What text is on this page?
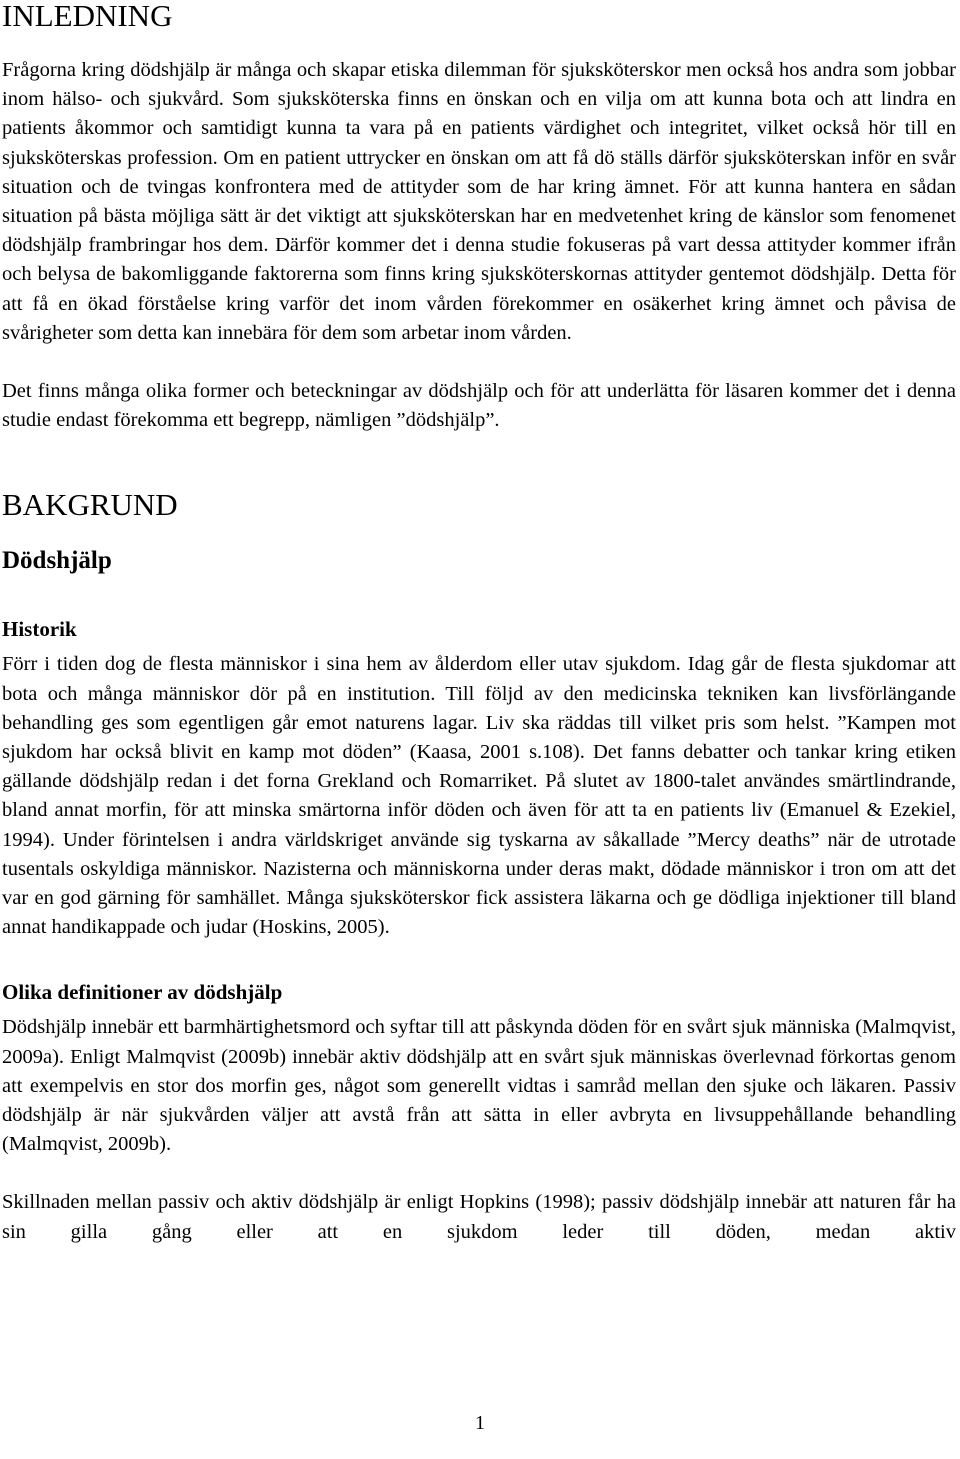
INLEDNING

Frågorna kring dödshjälp är många och skapar etiska dilemman för sjuksköterskor men också hos andra som jobbar inom hälso- och sjukvård. Som sjuksköterska finns en önskan och en vilja om att kunna bota och att lindra en patients åkommor och samtidigt kunna ta vara på en patients värdighet och integritet, vilket också hör till en sjuksköterskas profession. Om en patient uttrycker en önskan om att få dö ställs därför sjuksköterskan inför en svår situation och de tvingas konfrontera med de attityder som de har kring ämnet. För att kunna hantera en sådan situation på bästa möjliga sätt är det viktigt att sjuksköterskan har en medvetenhet kring de känslor som fenomenet dödshjälp frambringar hos dem. Därför kommer det i denna studie fokuseras på vart dessa attityder kommer ifrån och belysa de bakomliggande faktorerna som finns kring sjuksköterskornas attityder gentemot dödshjälp. Detta för att få en ökad förståelse kring varför det inom vården förekommer en osäkerhet kring ämnet och påvisa de svårigheter som detta kan innebära för dem som arbetar inom vården.

Det finns många olika former och beteckningar av dödshjälp och för att underlätta för läsaren kommer det i denna studie endast förekomma ett begrepp, nämligen ”dödshjälp”.

BAKGRUND
Dödshjälp
Historik

Förr i tiden dog de flesta människor i sina hem av ålderdom eller utav sjukdom. Idag går de flesta sjukdomar att bota och många människor dör på en institution. Till följd av den medicinska tekniken kan livsförlängande behandling ges som egentligen går emot naturens lagar. Liv ska räddas till vilket pris som helst. ”Kampen mot sjukdom har också blivit en kamp mot döden” (Kaasa, 2001 s.108). Det fanns debatter och tankar kring etiken gällande dödshjälp redan i det forna Grekland och Romarriket. På slutet av 1800-talet användes smärtlindrande, bland annat morfin, för att minska smärtorna inför döden och även för att ta en patients liv (Emanuel & Ezekiel, 1994). Under förintelsen i andra världskriget använde sig tyskarna av såkallade ”Mercy deaths” när de utrotade tusentals oskyldiga människor. Nazisterna och människorna under deras makt, dödade människor i tron om att det var en god gärning för samhället. Många sjuksköterskor fick assistera läkarna och ge dödliga injektioner till bland annat handikappade och judar (Hoskins, 2005).

Olika definitioner av dödshjälp

Dödshjälp innebär ett barmhärtighetsmord och syftar till att påskynda döden för en svårt sjuk människa (Malmqvist, 2009a). Enligt Malmqvist (2009b) innebär aktiv dödshjälp att en svårt sjuk människas överlevnad förkortas genom att exempelvis en stor dos morfin ges, något som generellt vidtas i samråd mellan den sjuke och läkaren. Passiv dödshjälp är när sjukvården väljer att avstå från att sätta in eller avbryta en livsuppehållande behandling (Malmqvist, 2009b).

Skillnaden mellan passiv och aktiv dödshjälp är enligt Hopkins (1998); passiv dödshjälp innebär att naturen får ha sin gilla gång eller att en sjukdom leder till döden, medan aktiv

1
